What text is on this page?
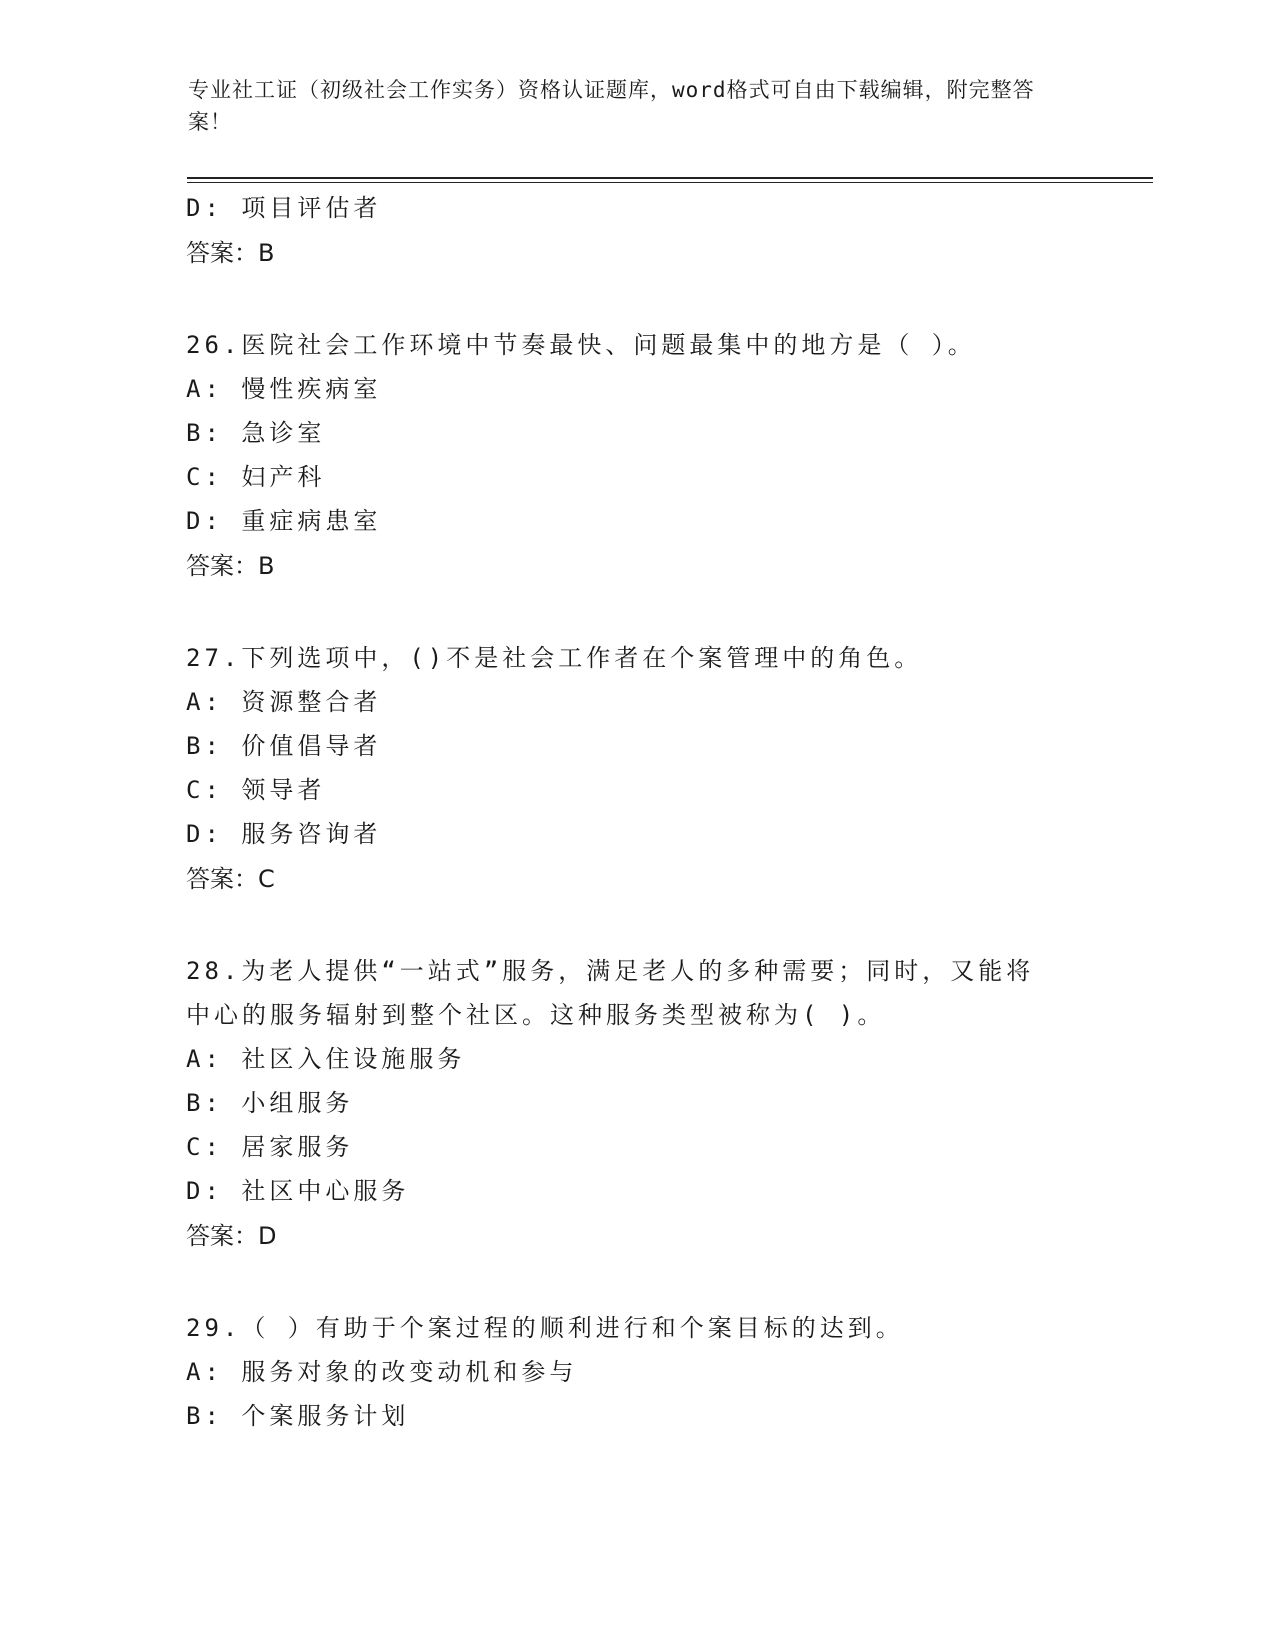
专业社工证（初级社会工作实务）资格认证题库，word格式可自由下载编辑，附完整答案！
D: 项目评估者
答案：B
26.医院社会工作环境中节奏最快、问题最集中的地方是（ ）。
A: 慢性疾病室
B: 急诊室
C: 妇产科
D: 重症病患室
答案：B
27.下列选项中，()不是社会工作者在个案管理中的角色。
A: 资源整合者
B: 价值倡导者
C: 领导者
D: 服务咨询者
答案：C
28.为老人提供“一站式”服务，满足老人的多种需要；同时，又能将
中心的服务辐射到整个社区。这种服务类型被称为( )。
A: 社区入住设施服务
B: 小组服务
C: 居家服务
D: 社区中心服务
答案：D
29.（ ）有助于个案过程的顺利进行和个案目标的达到。
A: 服务对象的改变动机和参与
B: 个案服务计划
